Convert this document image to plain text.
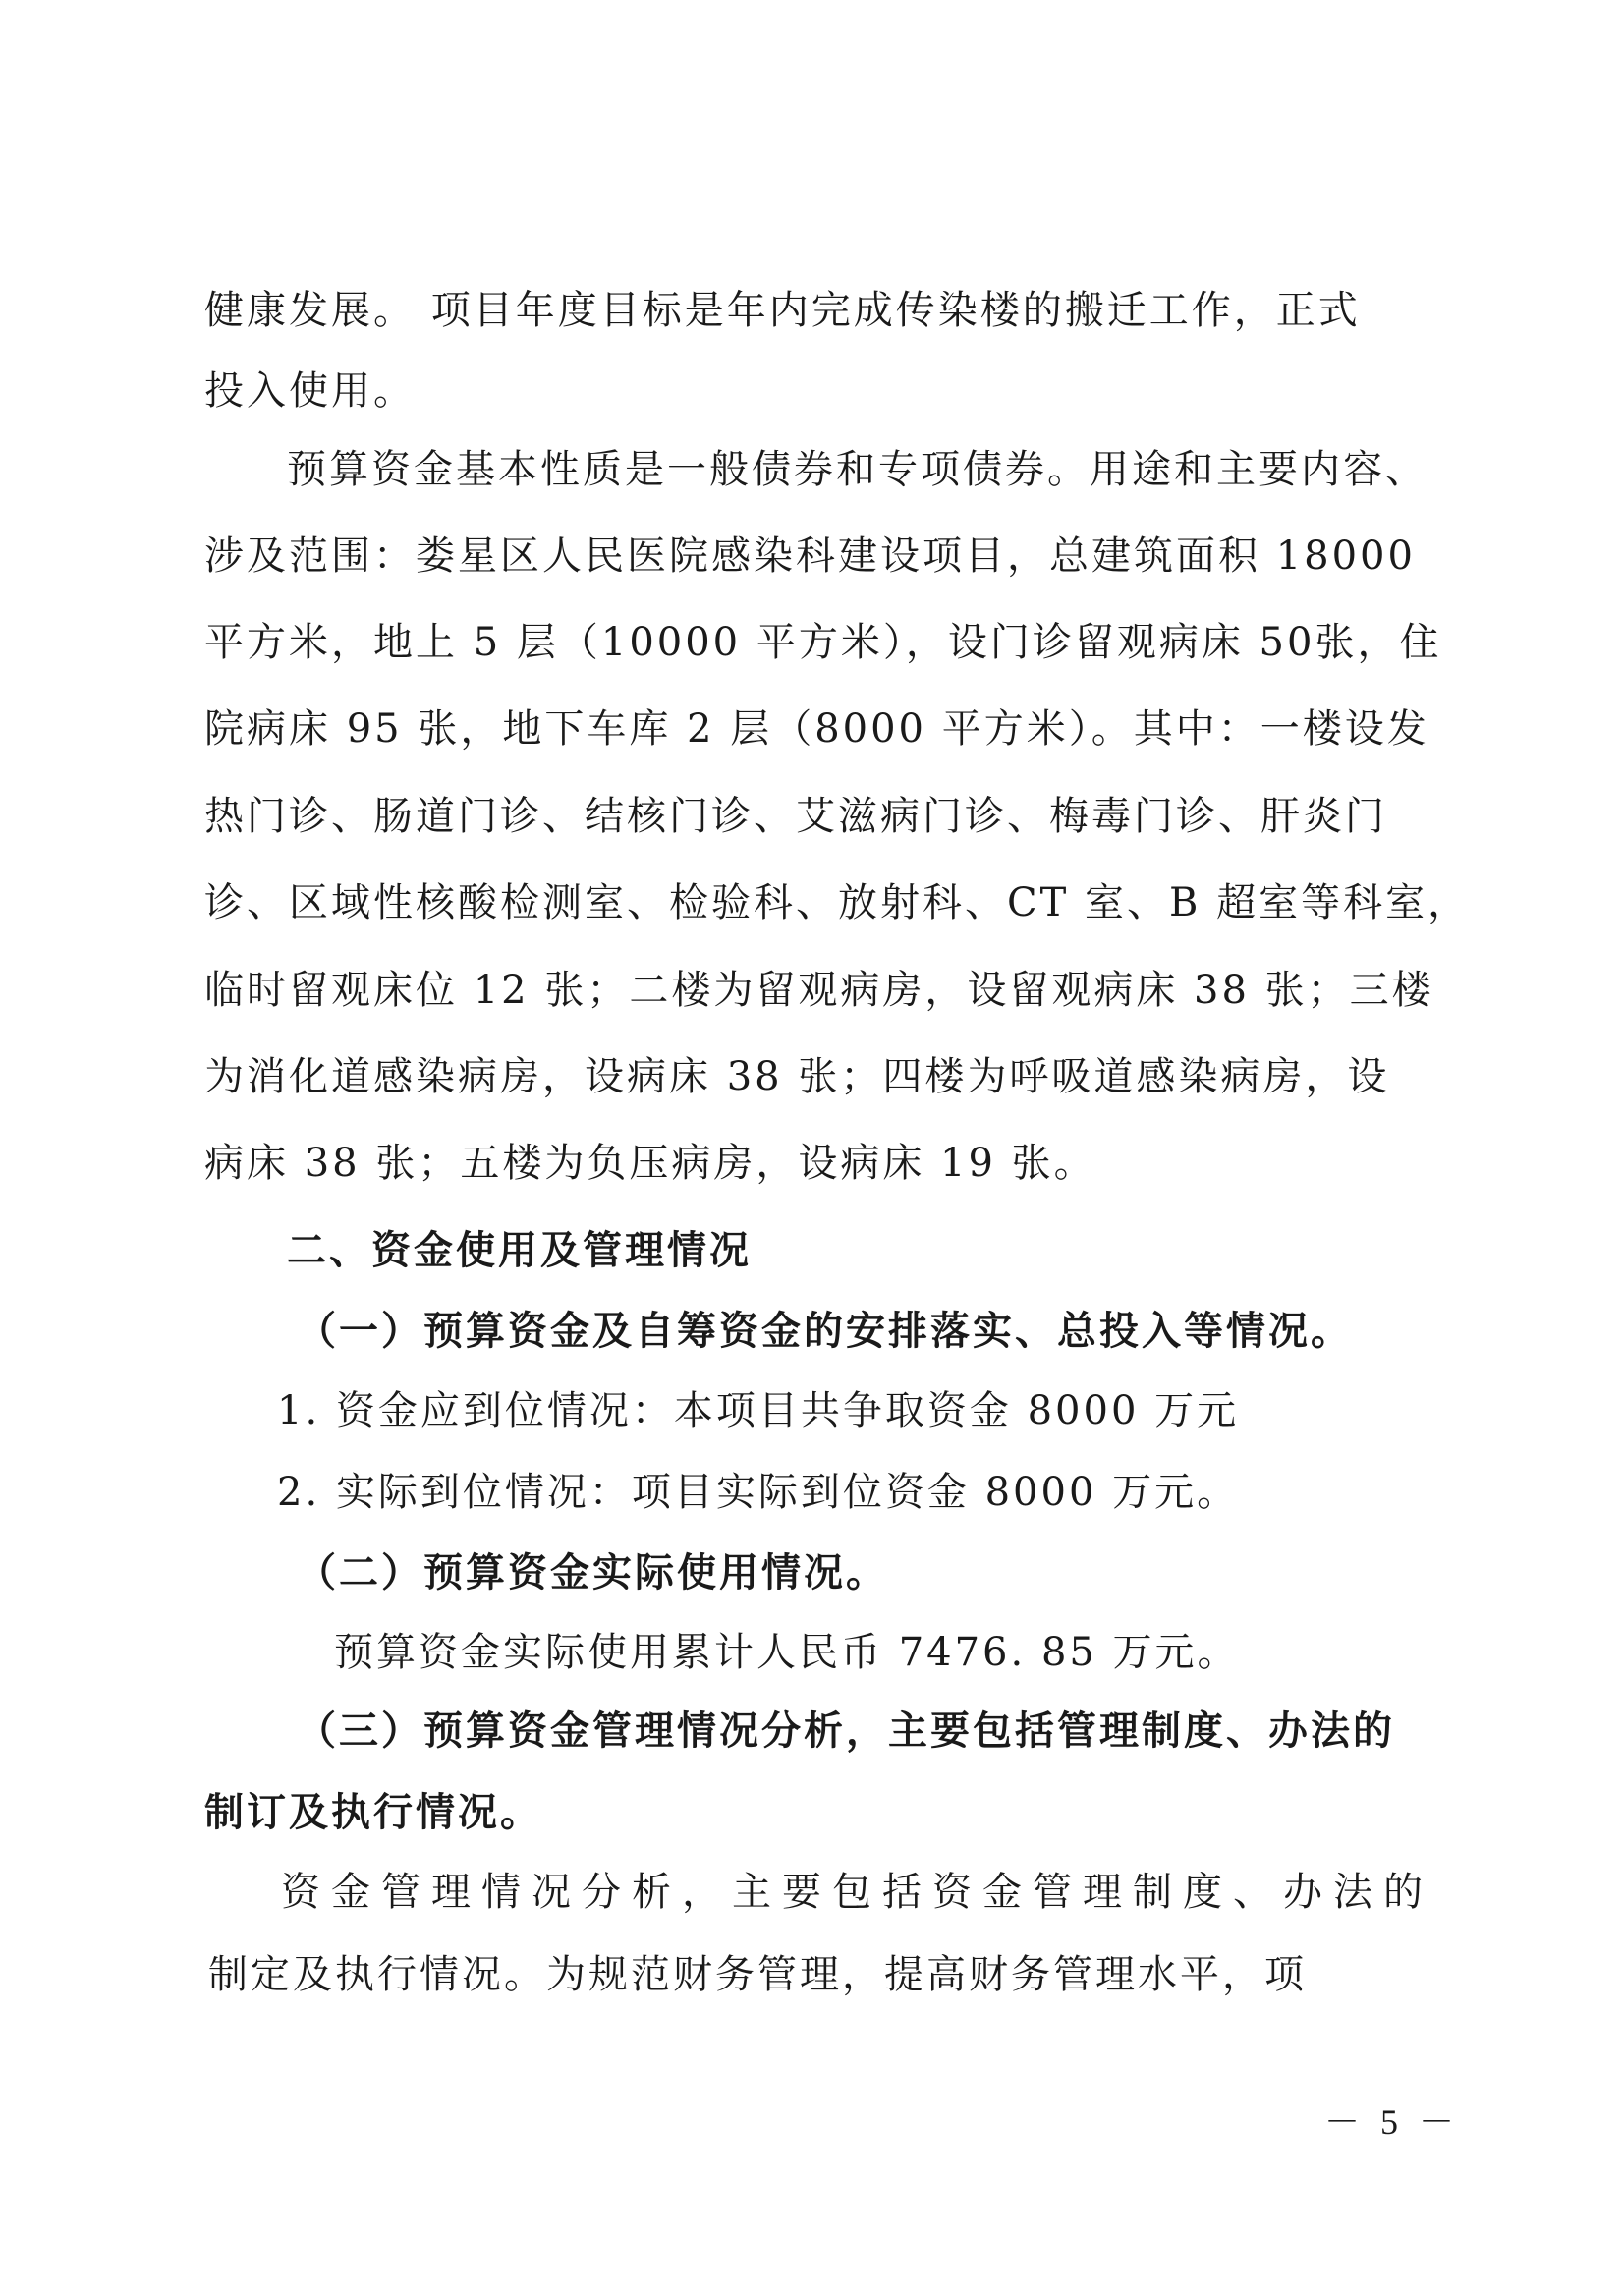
健康发展。 项目年度目标是年内完成传染楼的搬迁工作，正式
投入使用。
预算资金基本性质是一般债券和专项债券。用途和主要内容、
涉及范围：娄星区人民医院感染科建设项目，总建筑面积 18000
平方米，地上 5 层（10000 平方米），设门诊留观病床 50张，住
院病床 95 张，地下车库 2 层（8000 平方米）。其中：一楼设发
热门诊、肠道门诊、结核门诊、艾滋病门诊、梅毒门诊、肝炎门
诊、区域性核酸检测室、检验科、放射科、CT 室、B 超室等科室，
临时留观床位 12 张；二楼为留观病房，设留观病床 38 张；三楼
为消化道感染病房，设病床 38 张；四楼为呼吸道感染病房，设
病床 38 张；五楼为负压病房，设病床 19 张。
二、资金使用及管理情况
（一）预算资金及自筹资金的安排落实、总投入等情况。
1. 资金应到位情况：本项目共争取资金 8000 万元
2. 实际到位情况：项目实际到位资金 8000 万元。
（二）预算资金实际使用情况。
预算资金实际使用累计人民币 7476. 85 万元。
（三）预算资金管理情况分析，主要包括管理制度、办法的
制订及执行情况。
资金管理情况分析，主要包括资金管理制度、办法的
制定及执行情况。为规范财务管理，提高财务管理水平，项
－ 5 －
